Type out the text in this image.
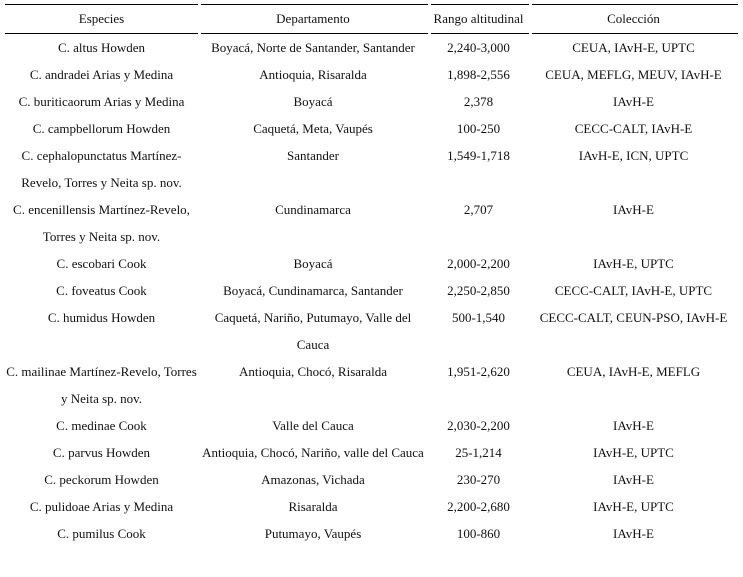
Especies	Departamento	Rango altitudinal	Colección
C. altus Howden	Boyacá, Norte de Santander, Santander	2,240-3,000	CEUA, IAvH-E, UPTC
C. andradei Arias y Medina	Antioquia, Risaralda	1,898-2,556	CEUA, MEFLG, MEUV, IAvH-E
C. buriticaorum Arias y Medina	Boyacá	2,378	IAvH-E
C. campbellorum Howden	Caquetá, Meta, Vaupés	100-250	CECC-CALT, IAvH-E
C. cephalopunctatus Martínez-Revelo, Torres y Neita sp. nov.	Santander	1,549-1,718	IAvH-E, ICN, UPTC
C. encenillensis Martínez-Revelo, Torres y Neita sp. nov.	Cundinamarca	2,707	IAvH-E
C. escobari Cook	Boyacá	2,000-2,200	IAvH-E, UPTC
C. foveatus Cook	Boyacá, Cundinamarca, Santander	2,250-2,850	CECC-CALT, IAvH-E, UPTC
C. humidus Howden	Caquetá, Nariño, Putumayo, Valle del Cauca	500-1,540	CECC-CALT, CEUN-PSO, IAvH-E
C. mailinae Martínez-Revelo, Torres y Neita sp. nov.	Antioquia, Chocó, Risaralda	1,951-2,620	CEUA, IAvH-E, MEFLG
C. medinae Cook	Valle del Cauca	2,030-2,200	IAvH-E
C. parvus Howden	Antioquia, Chocó, Nariño, valle del Cauca	25-1,214	IAvH-E, UPTC
C. peckorum Howden	Amazonas, Vichada	230-270	IAvH-E
C. pulidoae Arias y Medina	Risaralda	2,200-2,680	IAvH-E, UPTC
C. pumilus Cook	Putumayo, Vaupés	100-860	IAvH-E
